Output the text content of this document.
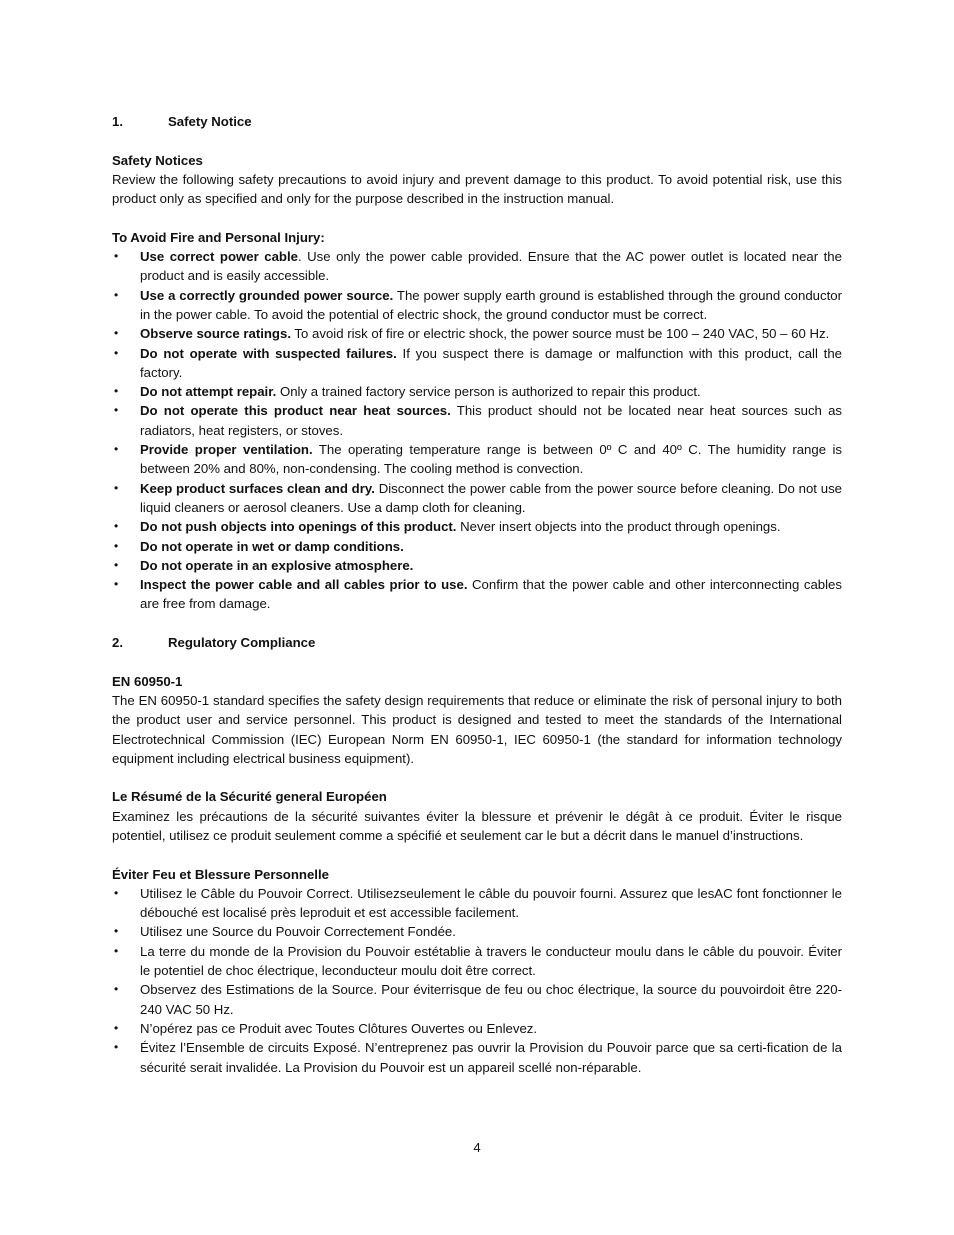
1.	Safety Notice
Safety Notices

Review the following safety precautions to avoid injury and prevent damage to this product. To avoid potential risk, use this product only as specified and only for the purpose described in the instruction manual.

To Avoid Fire and Personal Injury:
• Use correct power cable. Use only the power cable provided. Ensure that the AC power outlet is located near the product and is easily accessible.
• Use a correctly grounded power source. The power supply earth ground is established through the ground conductor in the power cable. To avoid the potential of electric shock, the ground conductor must be correct.
• Observe source ratings. To avoid risk of fire or electric shock, the power source must be 100 – 240 VAC, 50 – 60 Hz.
• Do not operate with suspected failures. If you suspect there is damage or malfunction with this product, call the factory.
• Do not attempt repair. Only a trained factory service person is authorized to repair this product.
• Do not operate this product near heat sources. This product should not be located near heat sources such as radiators, heat registers, or stoves.
• Provide proper ventilation. The operating temperature range is between 0º C and 40º C. The humidity range is between 20% and 80%, non-condensing. The cooling method is convection.
• Keep product surfaces clean and dry. Disconnect the power cable from the power source before cleaning. Do not use liquid cleaners or aerosol cleaners. Use a damp cloth for cleaning.
• Do not push objects into openings of this product. Never insert objects into the product through openings.
• Do not operate in wet or damp conditions.
• Do not operate in an explosive atmosphere.
• Inspect the power cable and all cables prior to use. Confirm that the power cable and other interconnecting cables are free from damage.
2.	Regulatory Compliance
EN 60950-1

The EN 60950-1 standard specifies the safety design requirements that reduce or eliminate the risk of personal injury to both the product user and service personnel. This product is designed and tested to meet the standards of the International Electrotechnical Commission (IEC) European Norm EN 60950-1, IEC 60950-1 (the standard for information technology equipment including electrical business equipment).

Le Résumé de la Sécurité general Européen

Examinez les précautions de la sécurité suivantes éviter la blessure et prévenir le dégât à ce produit. Éviter le risque potentiel, utilisez ce produit seulement comme a spécifié et seulement car le but a décrit dans le manuel d’instructions.

Éviter Feu et Blessure Personnelle
• Utilisez le Câble du Pouvoir Correct. Utilisezseulement le câble du pouvoir fourni. Assurez que lesAC font fonctionner le débouché est localisé près leproduit et est accessible facilement.
• Utilisez une Source du Pouvoir Correctement Fondée.
• La terre du monde de la Provision du Pouvoir estétablie à travers le conducteur moulu dans le câble du pouvoir. Éviter le potentiel de choc électrique, leconducteur moulu doit être correct.
• Observez des Estimations de la Source. Pour éviterrisque de feu ou choc électrique, la source du pouvoirdoit être 220-240 VAC 50 Hz.
• N’opérez pas ce Produit avec Toutes Clôtures Ouvertes ou Enlevez.
• Évitez l’Ensemble de circuits Exposé. N’entreprenez pas ouvrir la Provision du Pouvoir parce que sa certi-fication de la sécurité serait invalidée. La Provision du Pouvoir est un appareil scellé non-réparable.
4
